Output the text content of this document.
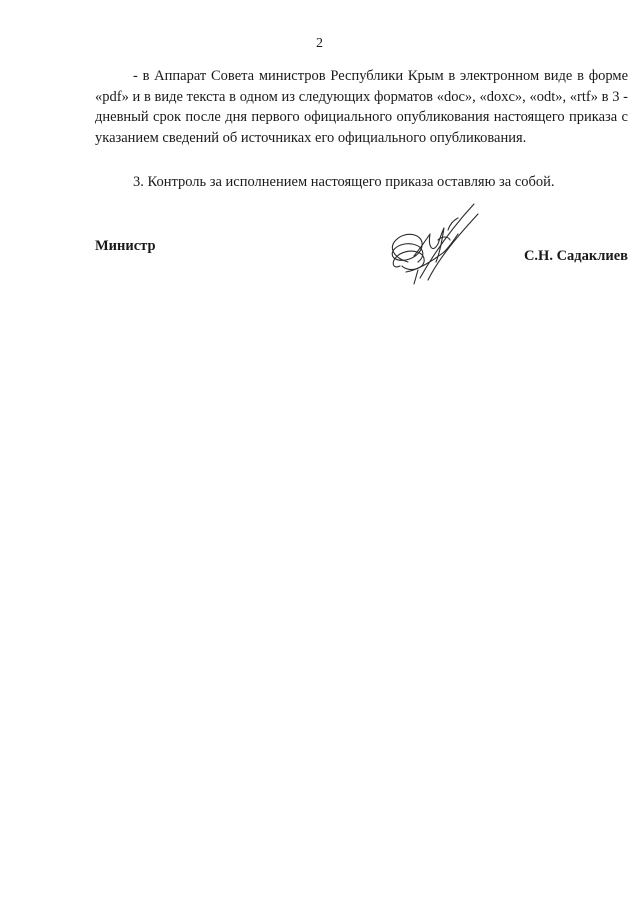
2

- в Аппарат Совета министров Республики Крым в электронном виде в форме «pdf» и в виде текста в одном из следующих форматов «doc», «doxc», «odt», «rtf» в 3 - дневный срок после дня первого официального опубликования настоящего приказа с указанием сведений об источниках его официального опубликования.

3. Контроль за исполнением настоящего приказа оставляю за собой.

Министр
С.Н. Садаклиев
